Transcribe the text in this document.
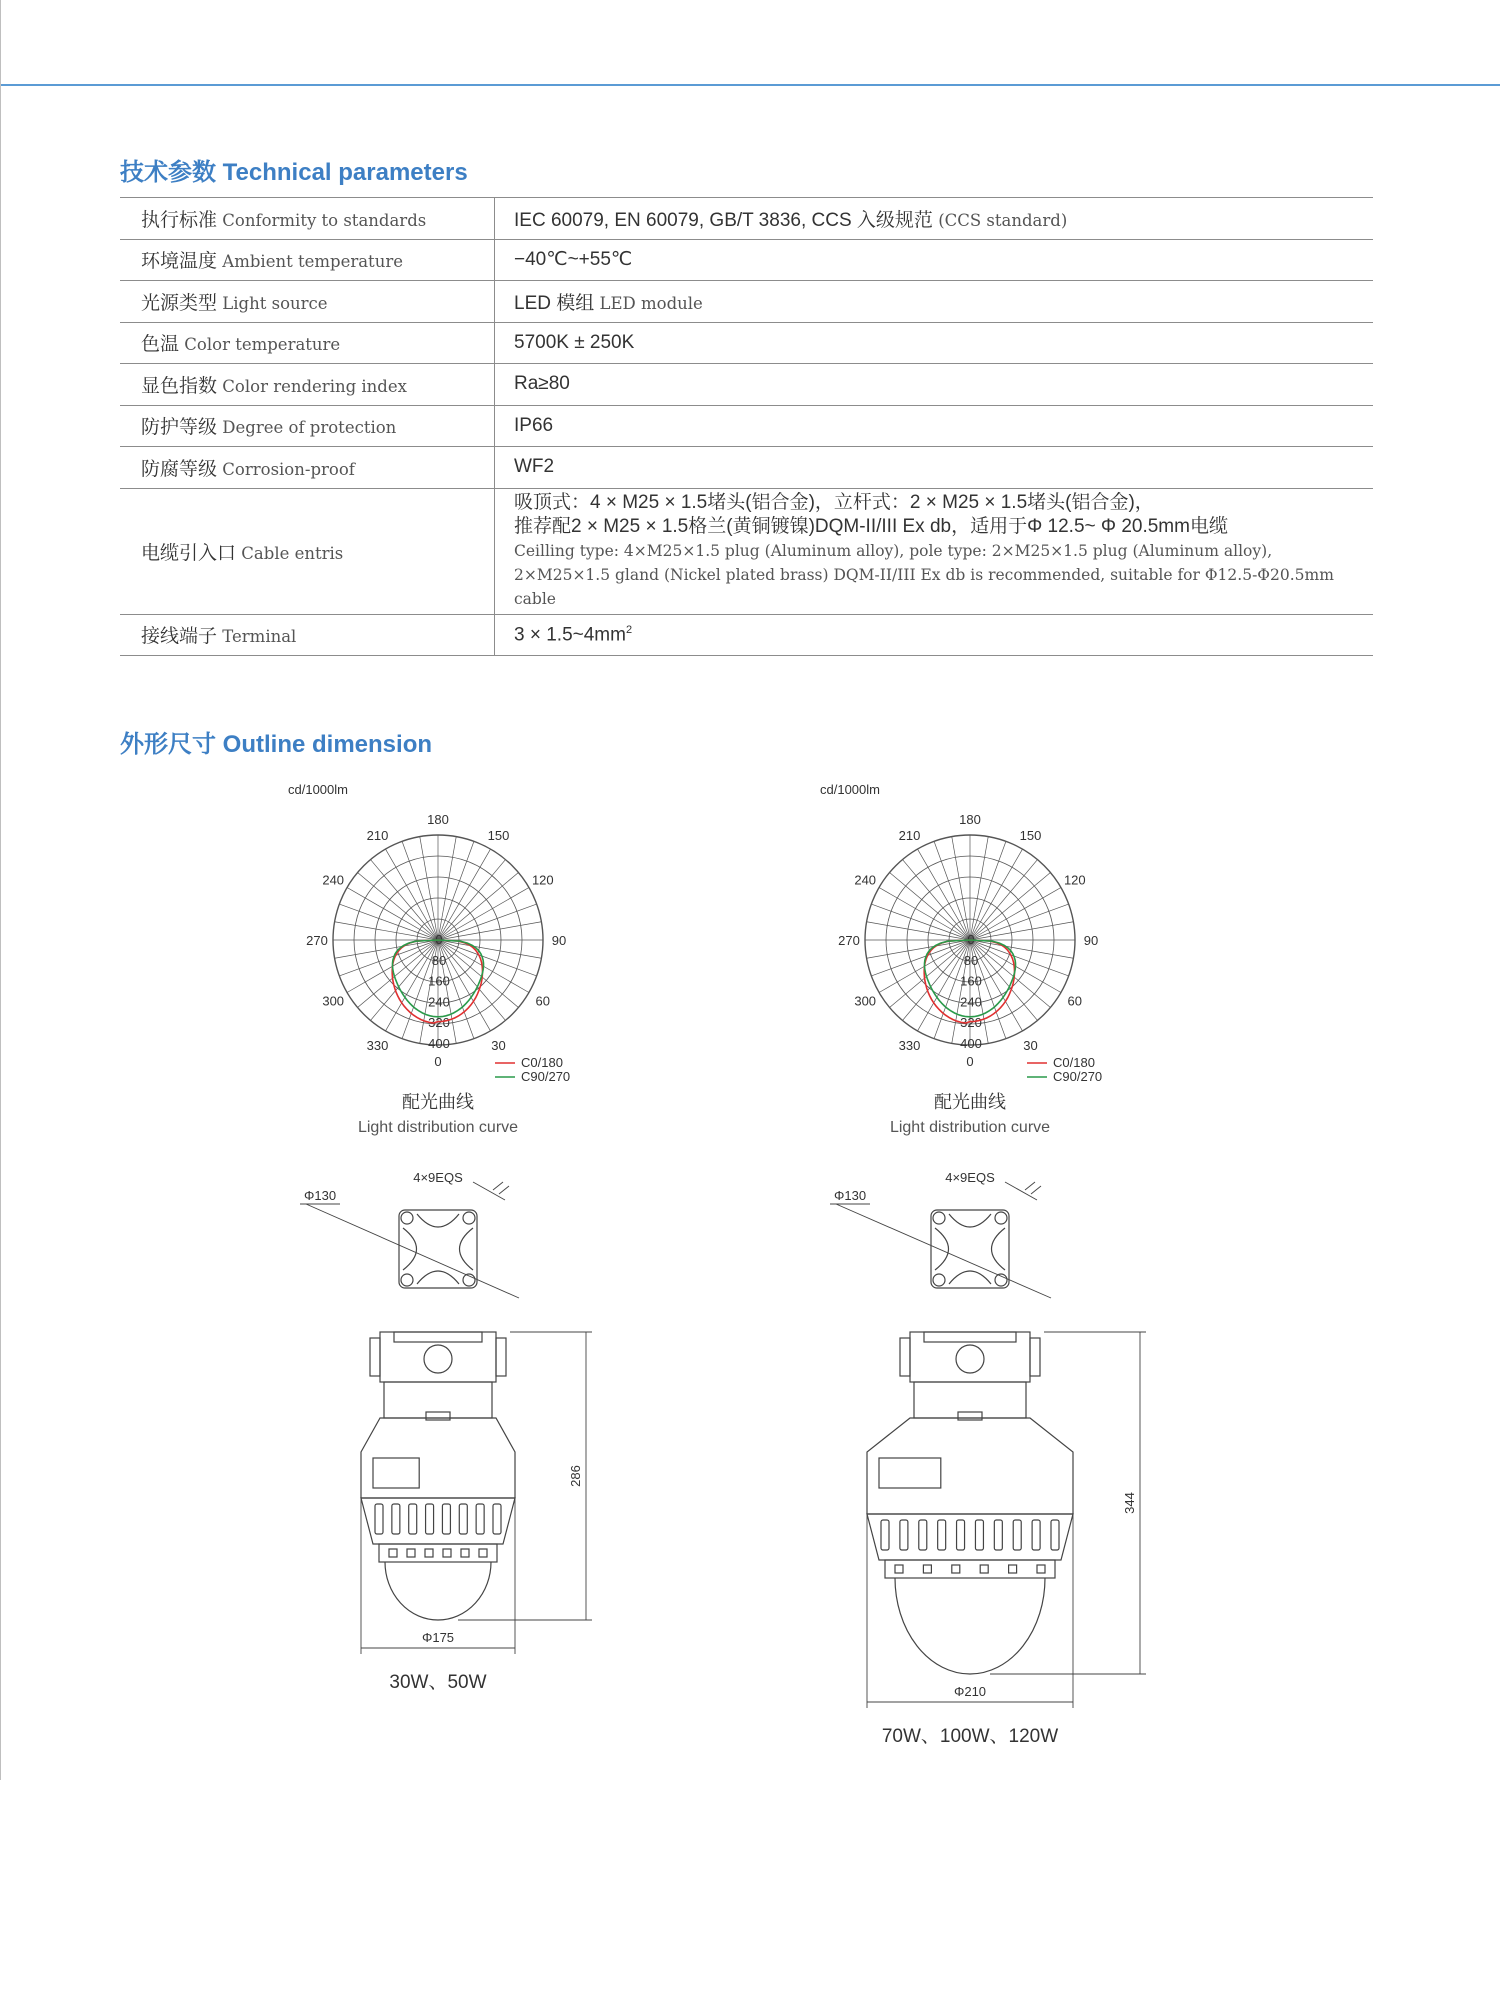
技术参数 Technical parameters
执行标准 Conformity to standards	IEC 60079, EN 60079, GB/T 3836, CCS 入级规范 (CCS standard)
环境温度 Ambient temperature	−40℃~+55℃
光源类型 Light source	LED 模组 LED module
色温 Color temperature	5700K ± 250K
显色指数 Color rendering index	Ra≥80
防护等级 Degree of protection	IP66
防腐等级 Corrosion-proof	WF2
电缆引入口 Cable entris	吸顶式：4 × M25 × 1.5堵头(铝合金)，立杆式：2 × M25 × 1.5堵头(铝合金)，
推荐配2 × M25 × 1.5格兰(黄铜镀镍)DQM-II/III Ex db，适用于Φ 12.5~ Φ 20.5mm电缆
Ceilling type: 4×M25×1.5 plug (Aluminum alloy), pole type: 2×M25×1.5 plug (Aluminum alloy),
2×M25×1.5 gland (Nickel plated brass) DQM-II/III Ex db is recommended, suitable for Φ12.5-Φ20.5mm cable

接线端子 Terminal	$3 \times 1.5\sim 4mm^2$
外形尺寸 Outline dimension
cd/1000lm
180
150
120
90
60
30
0
330
300
270
240
210
0
80
160
240
320
400
C0/180
C90/270
配光曲线
Light distribution curve
cd/1000lm
180
150
120
90
60
30
0
330
300
270
240
210
0
80
160
240
320
400
C0/180
C90/270
配光曲线
Light distribution curve
Φ130
4×9EQS
286
Φ175
30W、50W
Φ130
4×9EQS
344
Φ210
70W、100W、120W
